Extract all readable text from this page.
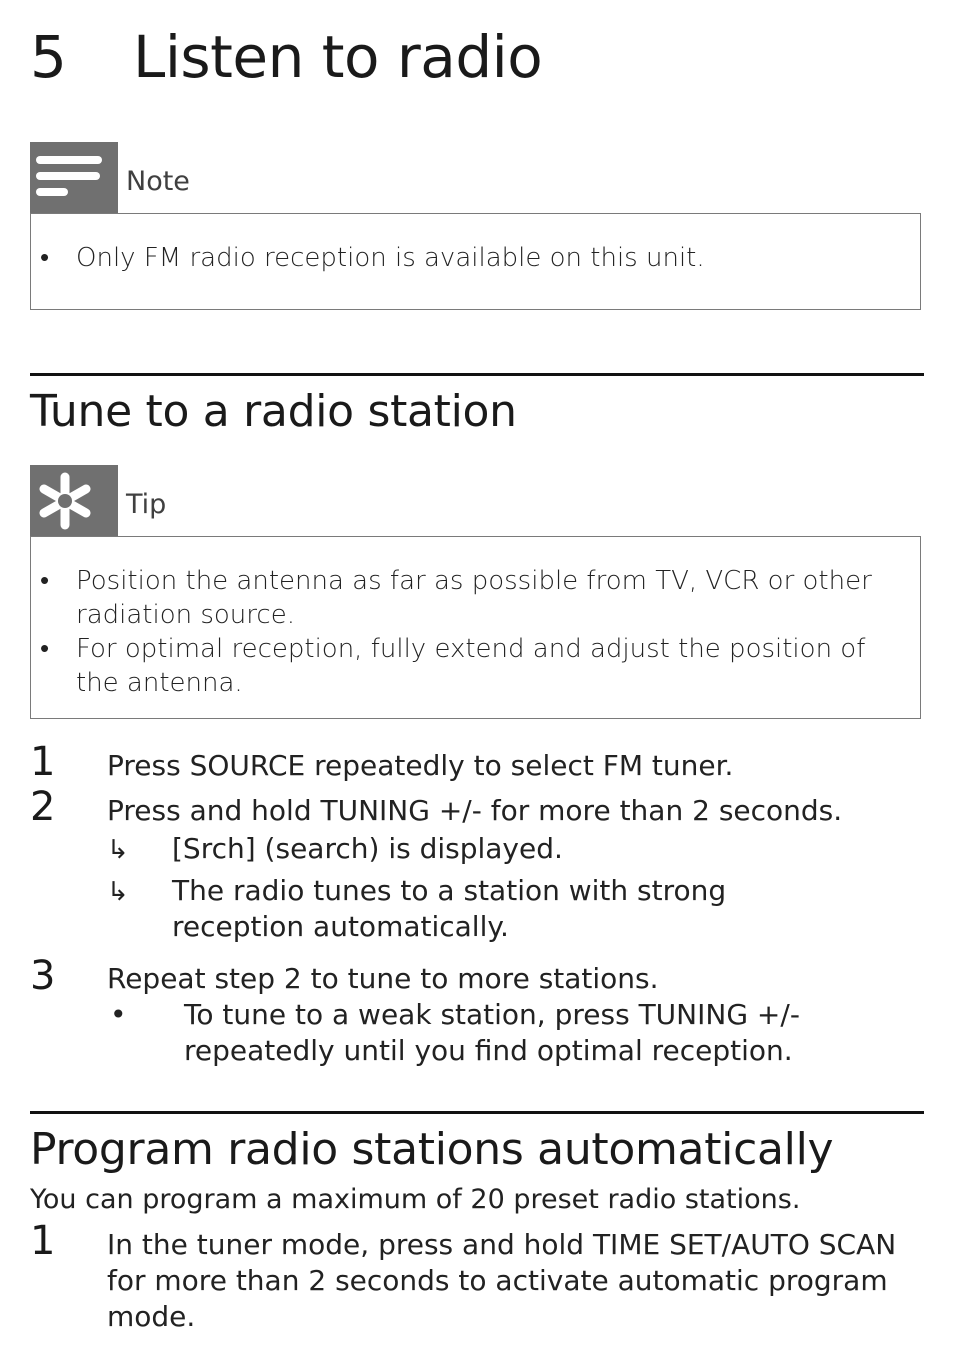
5 Listen to radio
Note
• Only FM radio reception is available on this unit.
Tune to a radio station
Tip
• Position the antenna as far as possible from TV, VCR or other radiation source.
• For optimal reception, fully extend and adjust the position of the antenna.
1 Press SOURCE repeatedly to select FM tuner.
2 Press and hold TUNING +/- for more than 2 seconds.
↳ [Srch] (search) is displayed.
↳ The radio tunes to a station with strong reception automatically.
3 Repeat step 2 to tune to more stations.
• To tune to a weak station, press TUNING +/- repeatedly until you find optimal reception.
Program radio stations automatically
You can program a maximum of 20 preset radio stations.
1 In the tuner mode, press and hold TIME SET/AUTO SCAN for more than 2 seconds to activate automatic program mode.
